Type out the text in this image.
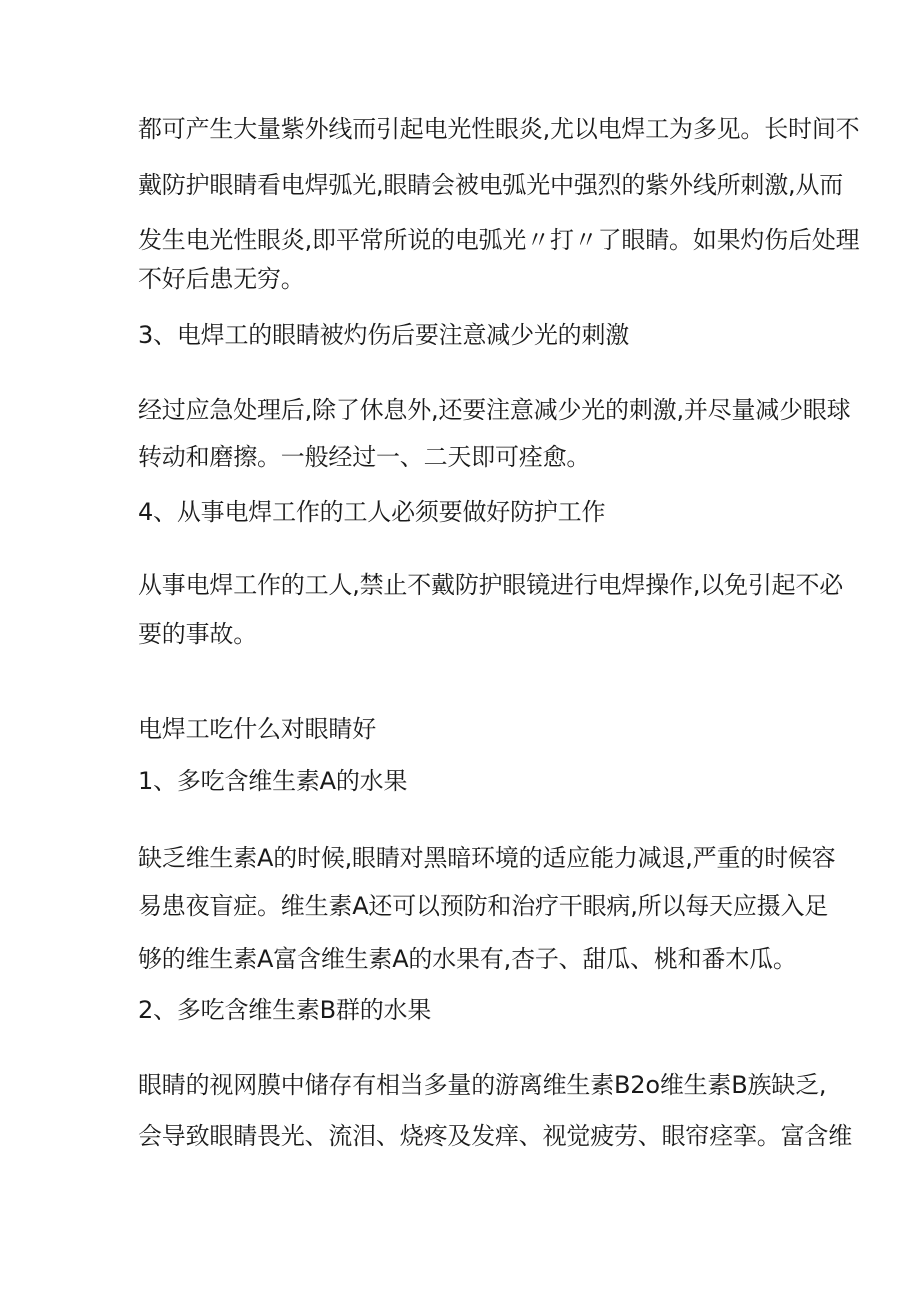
都可产生大量紫外线而引起电光性眼炎,尤以电焊工为多见。长时间不
戴防护眼睛看电焊弧光,眼睛会被电弧光中强烈的紫外线所刺激,从而
发生电光性眼炎,即平常所说的电弧光〃打〃了眼睛。如果灼伤后处理
不好后患无穷。
3、电焊工的眼睛被灼伤后要注意减少光的刺激
经过应急处理后,除了休息外,还要注意减少光的刺激,并尽量减少眼球
转动和磨擦。一般经过一、二天即可痊愈。
4、从事电焊工作的工人必须要做好防护工作
从事电焊工作的工人,禁止不戴防护眼镜进行电焊操作,以免引起不必
要的事故。
电焊工吃什么对眼睛好
1、多吃含维生素A的水果
缺乏维生素A的时候,眼睛对黑暗环境的适应能力减退,严重的时候容
易患夜盲症。维生素A还可以预防和治疗干眼病,所以每天应摄入足
够的维生素A富含维生素A的水果有,杏子、甜瓜、桃和番木瓜。
2、多吃含维生素B群的水果
眼睛的视网膜中储存有相当多量的游离维生素B2o维生素B族缺乏,
会导致眼睛畏光、流泪、烧疼及发痒、视觉疲劳、眼帘痉挛。富含维
